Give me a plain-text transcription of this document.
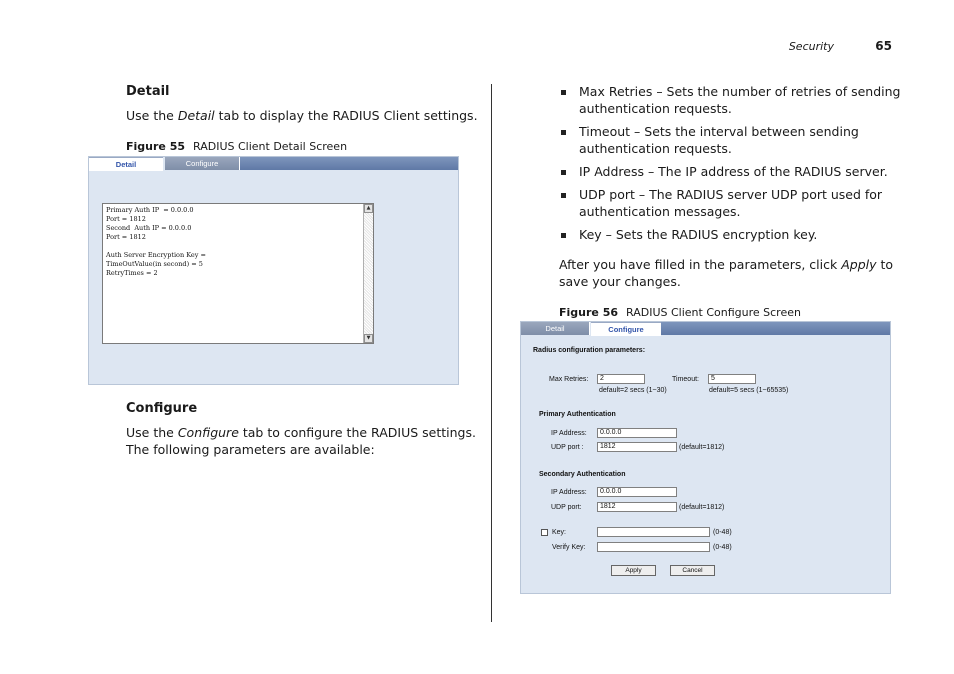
Security	65
Detail
Use the Detail tab to display the RADIUS Client settings.
Figure 55 RADIUS Client Detail Screen
Detail	Configure
Primary Auth IP  = 0.0.0.0
Port = 1812
Second  Auth IP = 0.0.0.0
Port = 1812
Auth Server Encryption Key =
TimeOutValue(in second) = 5
RetryTimes = 2
▲
▼
Configure
Use the Configure tab to configure the RADIUS settings.
The following parameters are available:
Max Retries – Sets the number of retries of sending
authentication requests.
Timeout – Sets the interval between sending
authentication requests.
IP Address – The IP address of the RADIUS server.
UDP port – The RADIUS server UDP port used for
authentication messages.
Key – Sets the RADIUS encryption key.
After you have filled in the parameters, click Apply to
save your changes.
Figure 56 RADIUS Client Configure Screen
Detail	Configure
Radius configuration parameters:
Max Retries:	2
default=2 secs (1~30)
Timeout:	5
default=5 secs (1~65535)
Primary Authentication
IP Address:	0.0.0.0
UDP port :	1812	(default=1812)
Secondary Authentication
IP Address:	0.0.0.0
UDP port:	1812	(default=1812)
Key:	(0-48)
Verify Key:	(0-48)
Apply	Cancel
